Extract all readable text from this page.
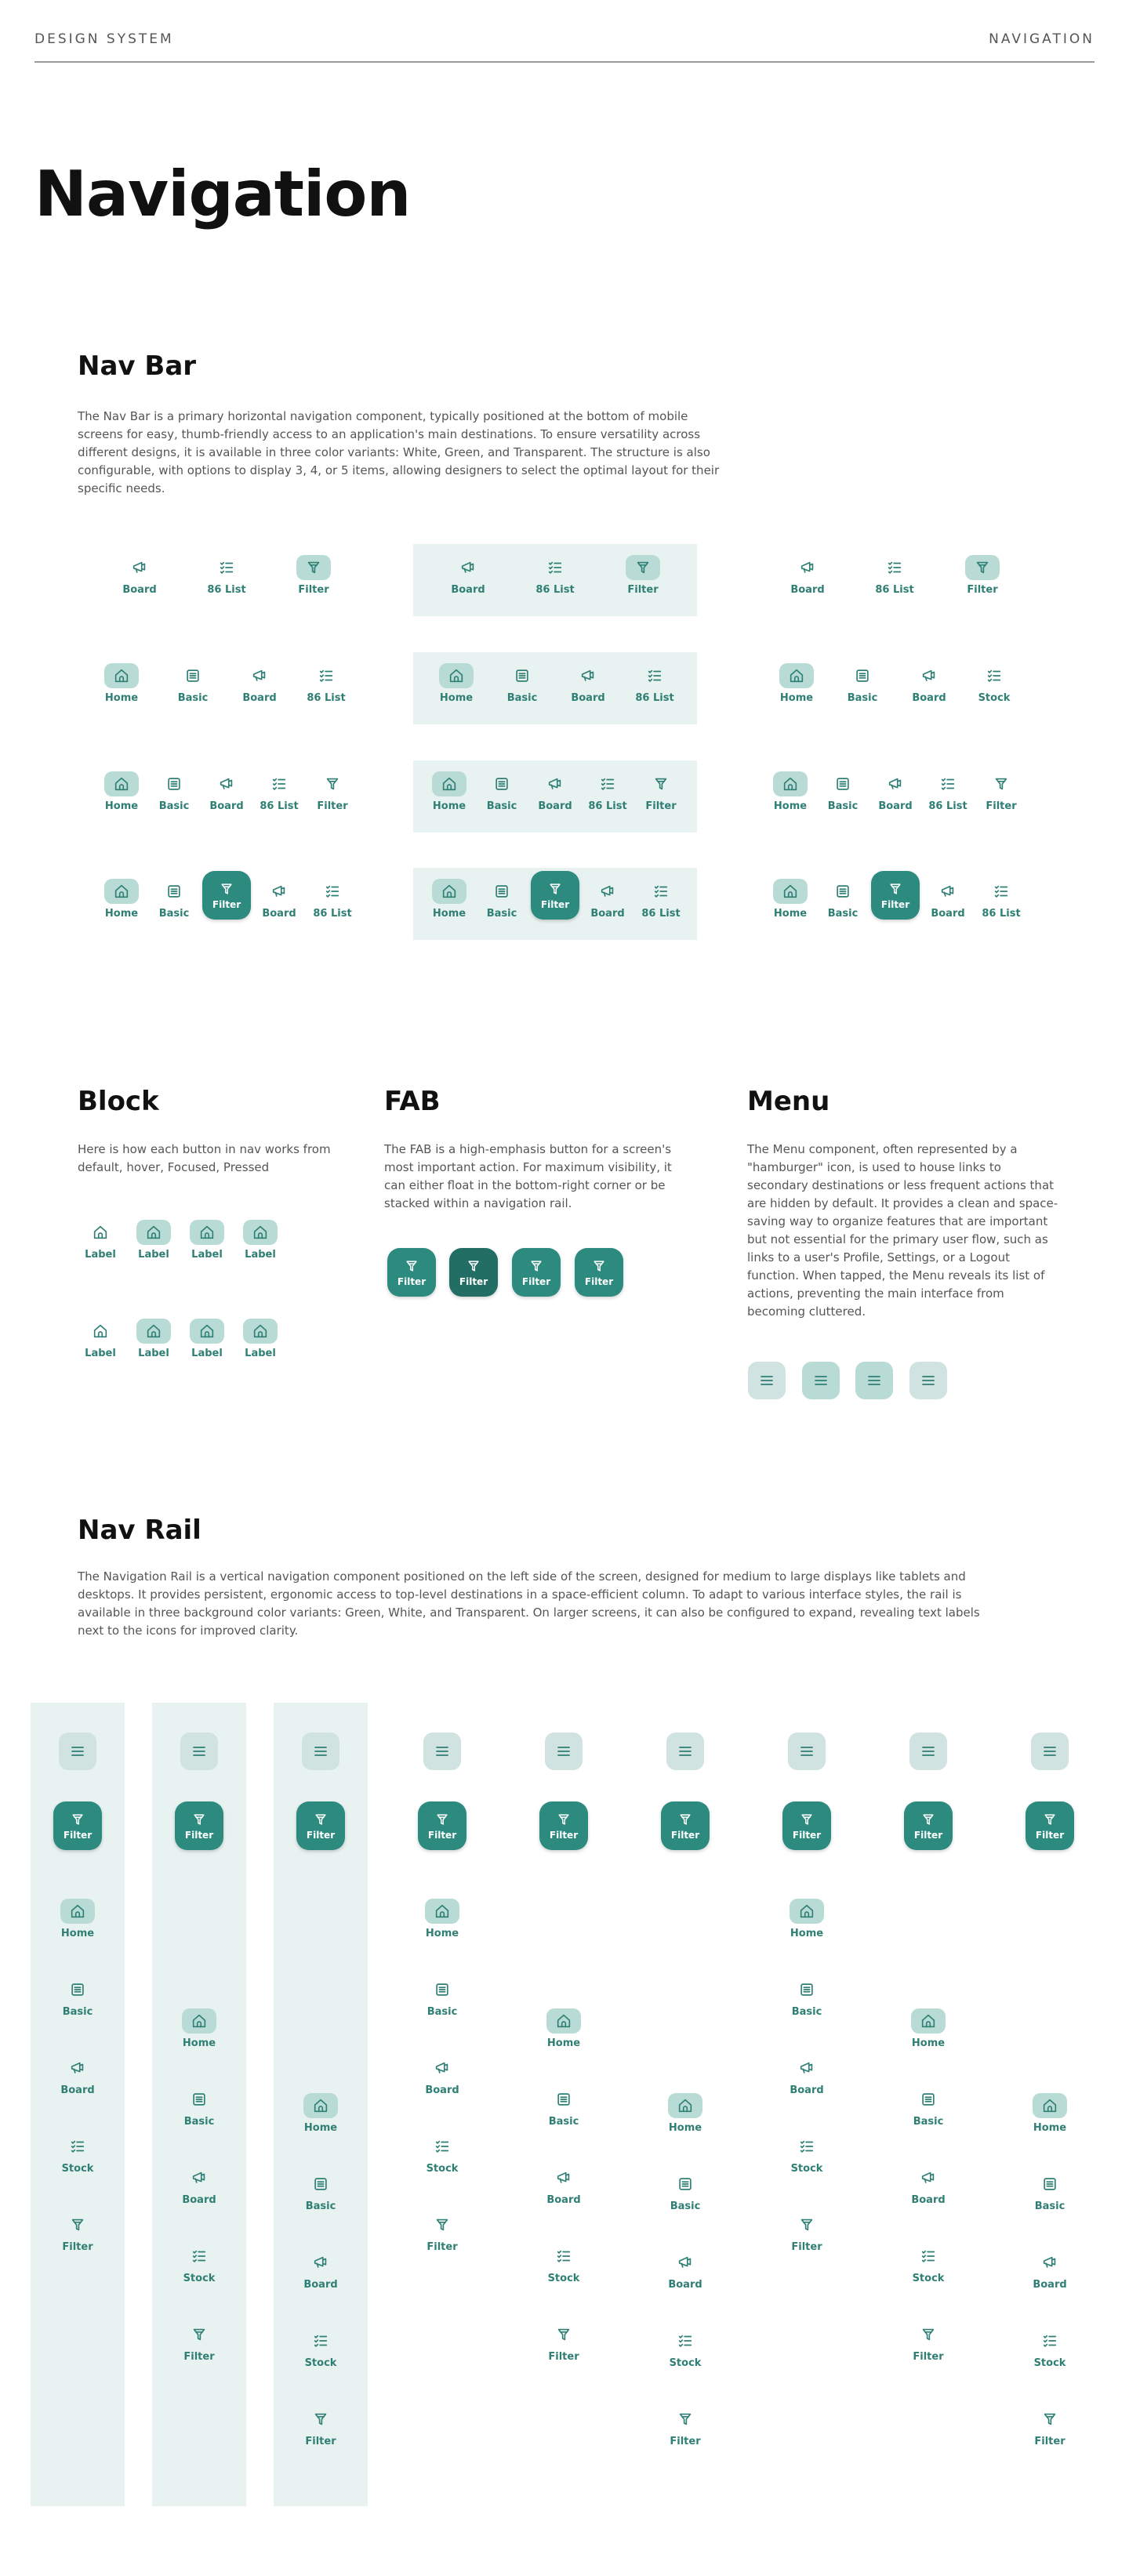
DESIGN SYSTEM	NAVIGATION
Navigation
Nav Bar
The Nav Bar is a primary horizontal navigation component, typically positioned at the bottom of mobile screens for easy, thumb-friendly access to an application's main destinations. To ensure versatility across different designs, it is available in three color variants: White, Green, and Transparent. The structure is also configurable, with options to display 3, 4, or 5 items, allowing designers to select the optimal layout for their specific needs.
Block
Here is how each button in nav works from default, hover, Focused, Pressed
FAB
The FAB is a high-emphasis button for a screen's most important action. For maximum visibility, it can either float in the bottom-right corner or be stacked within a navigation rail.
Menu
The Menu component, often represented by a "hamburger" icon, is used to house links to secondary destinations or less frequent actions that are hidden by default. It provides a clean and space-saving way to organize features that are important but not essential for the primary user flow, such as links to a user's Profile, Settings, or a Logout function. When tapped, the Menu reveals its list of actions, preventing the main interface from becoming cluttered.
Nav Rail
The Navigation Rail is a vertical navigation component positioned on the left side of the screen, designed for medium to large displays like tablets and desktops. It provides persistent, ergonomic access to top-level destinations in a space-efficient column. To adapt to various interface styles, the rail is available in three background color variants: Green, White, and Transparent. On larger screens, it can also be configured to expand, revealing text labels next to the icons for improved clarity.
Board	86 List	Filter	Board	86 List	Filter	Board	86 List	Filter
Home	Basic	Board	86 List	Home	Basic	Board	86 List	Home	Basic	Board	Stock
Home Basic Board 86 List Filter	Home Basic Board 86 List Filter	Home Basic Board 86 List Filter
Home Basic
Filter
Board 86 List	Home Basic
Filter
Board 86 List	Home Basic
Filter
Board 86 List
Label Label Label Label
Label Label Label Label
Filter	Filter	Filter	Filter
Filter
Home
Basic
Board
Stock
Filter
Filter
Home
Basic
Board
Stock
Filter
Filter
Home
Basic
Board
Stock
Filter
Filter
Home
Basic
Board
Stock
Filter
Filter
Home
Basic
Board
Stock
Filter
Filter
Home
Basic
Board
Stock
Filter
Filter
Home
Basic
Board
Stock
Filter
Filter
Home
Basic
Board
Stock
Filter
Filter
Home
Basic
Board
Stock
Filter
